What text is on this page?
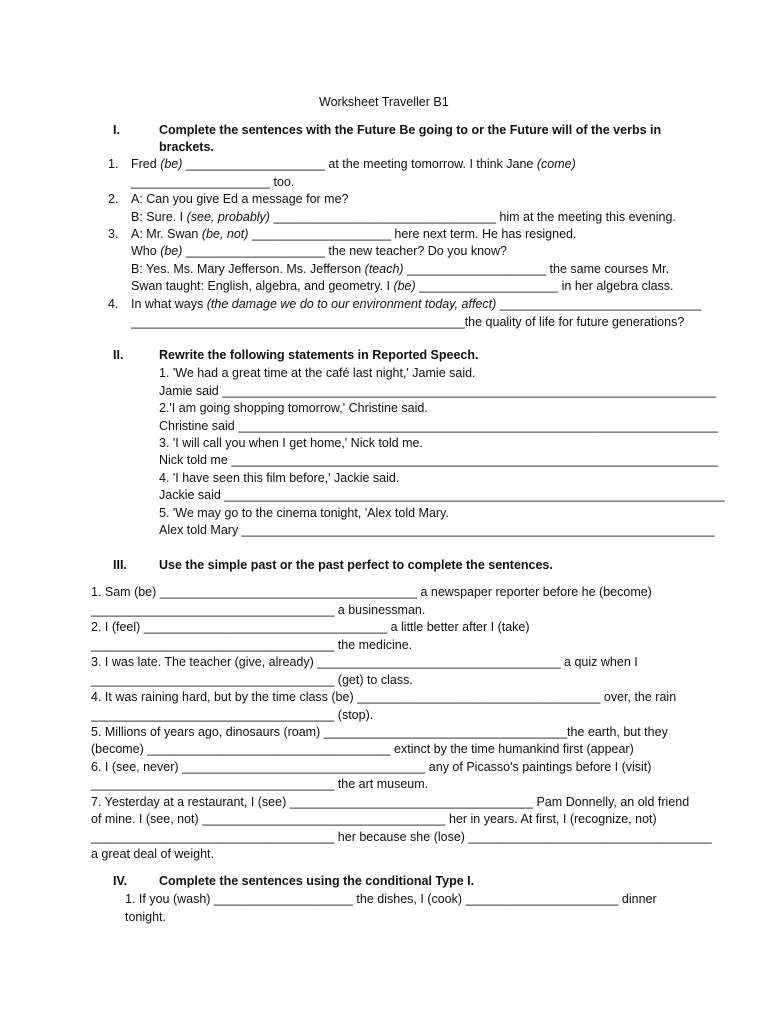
Worksheet Traveller B1
I.	Complete the sentences with the Future Be going to or the Future will of the verbs in
brackets.
1. Fred (be) ____________________ at the meeting tomorrow. I think Jane (come)
____________________ too.
2. A: Can you give Ed a message for me?
B: Sure. I (see, probably) ________________________________ him at the meeting this evening.
3. A: Mr. Swan (be, not) ____________________ here next term. He has resigned.
Who (be) ____________________ the new teacher? Do you know?
B: Yes. Ms. Mary Jefferson. Ms. Jefferson (teach) ____________________ the same courses Mr.
Swan taught: English, algebra, and geometry. I (be) ____________________ in her algebra class.
4. In what ways (the damage we do to our environment today, affect) _____________________________
________________________________________________the quality of life for future generations?
II.	Rewrite the following statements in Reported Speech.
1. 'We had a great time at the café last night,' Jamie said.
Jamie said _______________________________________________________________________
2.'I am going shopping tomorrow,' Christine said.
Christine said _____________________________________________________________________
3. 'I will call you when I get home,' Nick told me.
Nick told me ______________________________________________________________________
4. 'I have seen this film before,' Jackie said.
Jackie said ________________________________________________________________________
5. 'We may go to the cinema tonight, 'Alex told Mary.
Alex told Mary ____________________________________________________________________
III.	Use the simple past or the past perfect to complete the sentences.
1. Sam (be) _____________________________________ a newspaper reporter before he (become)
___________________________________ a businessman.
2. I (feel) ___________________________________ a little better after I (take)
___________________________________ the medicine.
3. I was late. The teacher (give, already) ___________________________________ a quiz when I
___________________________________ (get) to class.
4. It was raining hard, but by the time class (be) ___________________________________ over, the rain
___________________________________ (stop).
5. Millions of years ago, dinosaurs (roam) ___________________________________the earth, but they
(become) ___________________________________ extinct by the time humankind first (appear)
6. I (see, never) ___________________________________ any of Picasso's paintings before I (visit)
___________________________________ the art museum.
7. Yesterday at a restaurant, I (see) ___________________________________ Pam Donnelly, an old friend
of mine. I (see, not) ___________________________________ her in years. At first, I (recognize, not)
___________________________________ her because she (lose) ___________________________________
a great deal of weight.
IV.	Complete the sentences using the conditional Type I.
1. If you (wash) ____________________ the dishes, I (cook) ______________________ dinner
tonight.
